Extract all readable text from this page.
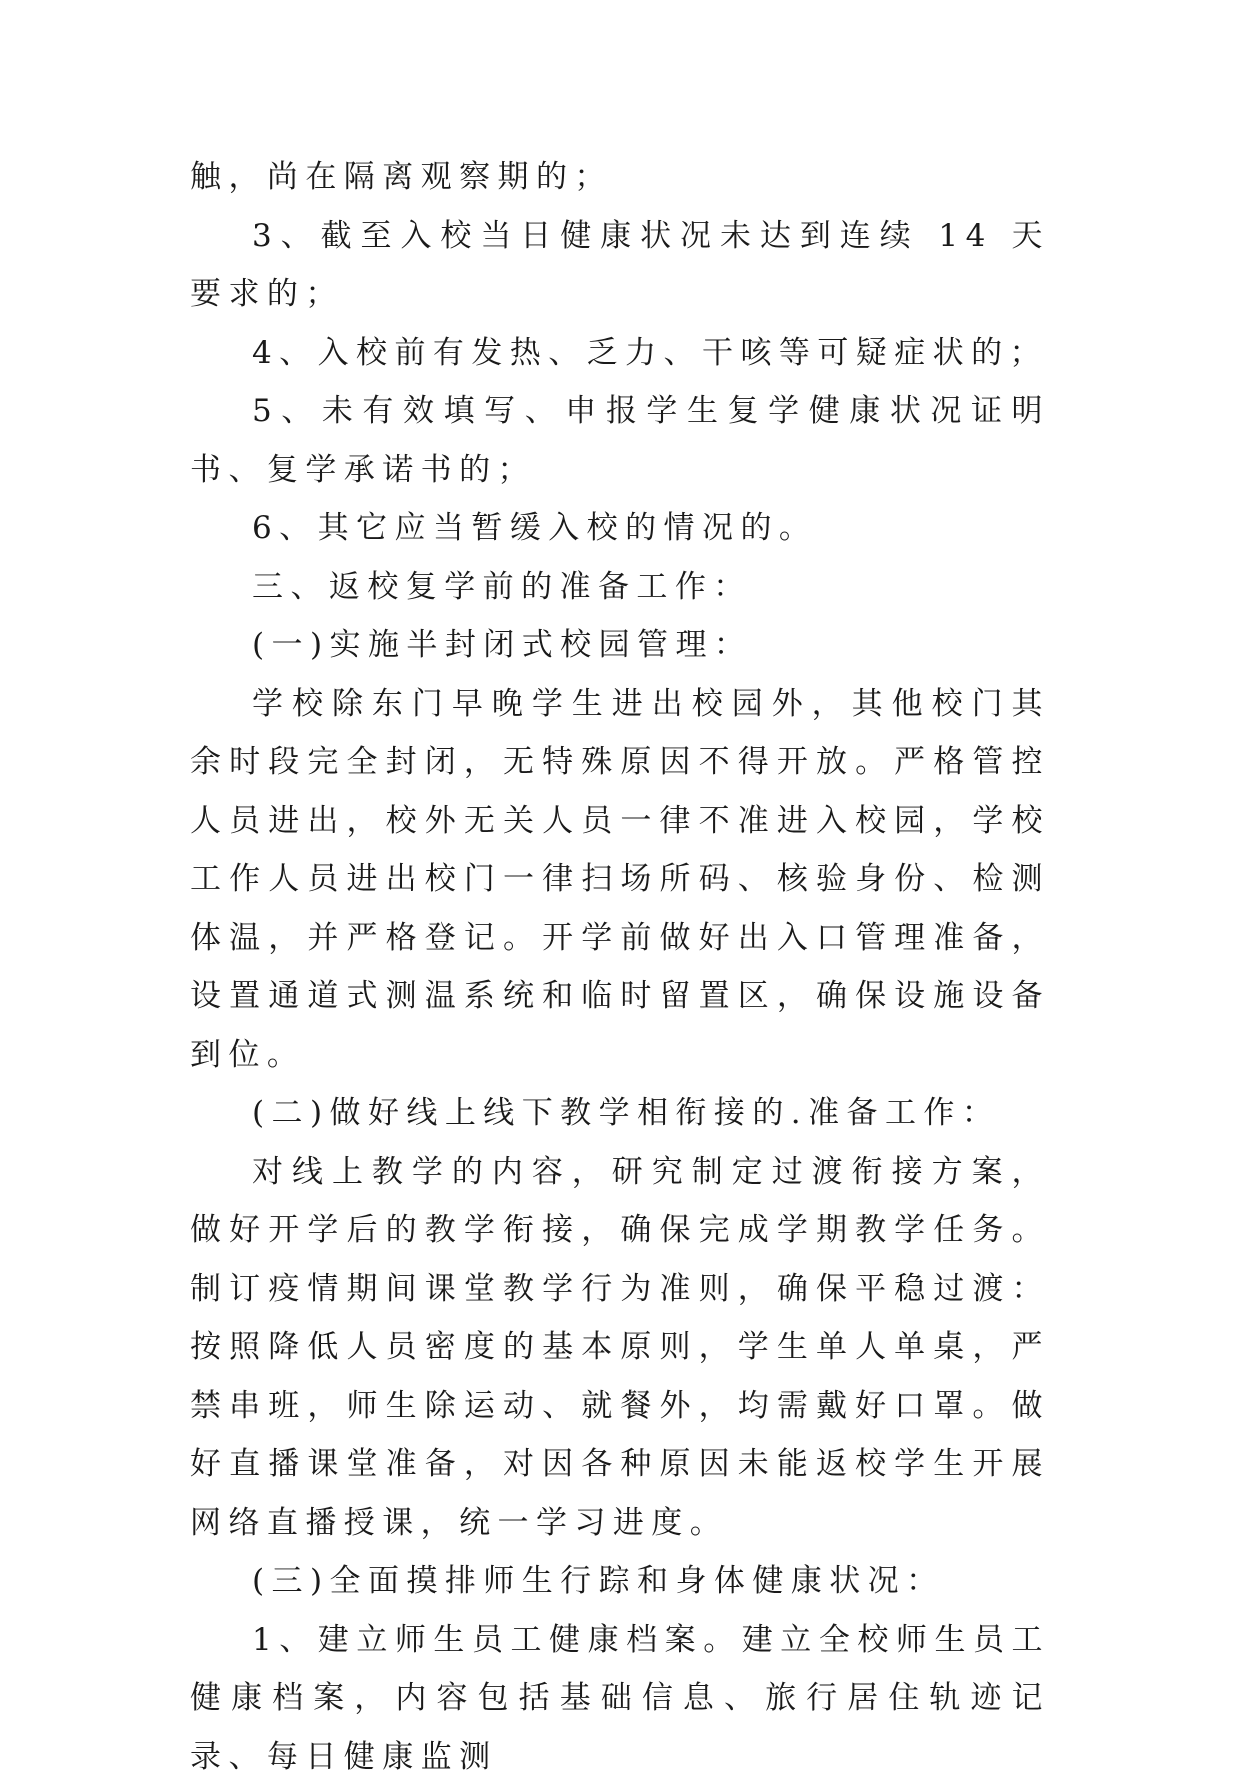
触，尚在隔离观察期的；

3、截至入校当日健康状况未达到连续 14 天要求的；

4、入校前有发热、乏力、干咳等可疑症状的；

5、未有效填写、申报学生复学健康状况证明书、复学承诺书的；

6、其它应当暂缓入校的情况的。

三、返校复学前的准备工作：

(一)实施半封闭式校园管理：

学校除东门早晚学生进出校园外，其他校门其余时段完全封闭，无特殊原因不得开放。严格管控人员进出，校外无关人员一律不准进入校园，学校工作人员进出校门一律扫场所码、核验身份、检测体温，并严格登记。开学前做好出入口管理准备，设置通道式测温系统和临时留置区，确保设施设备到位。

(二)做好线上线下教学相衔接的.准备工作：

对线上教学的内容，研究制定过渡衔接方案，做好开学后的教学衔接，确保完成学期教学任务。制订疫情期间课堂教学行为准则，确保平稳过渡：按照降低人员密度的基本原则，学生单人单桌，严禁串班，师生除运动、就餐外，均需戴好口罩。做好直播课堂准备，对因各种原因未能返校学生开展网络直播授课，统一学习进度。

(三)全面摸排师生行踪和身体健康状况：

1、建立师生员工健康档案。建立全校师生员工健康档案，内容包括基础信息、旅行居住轨迹记录、每日健康监测
